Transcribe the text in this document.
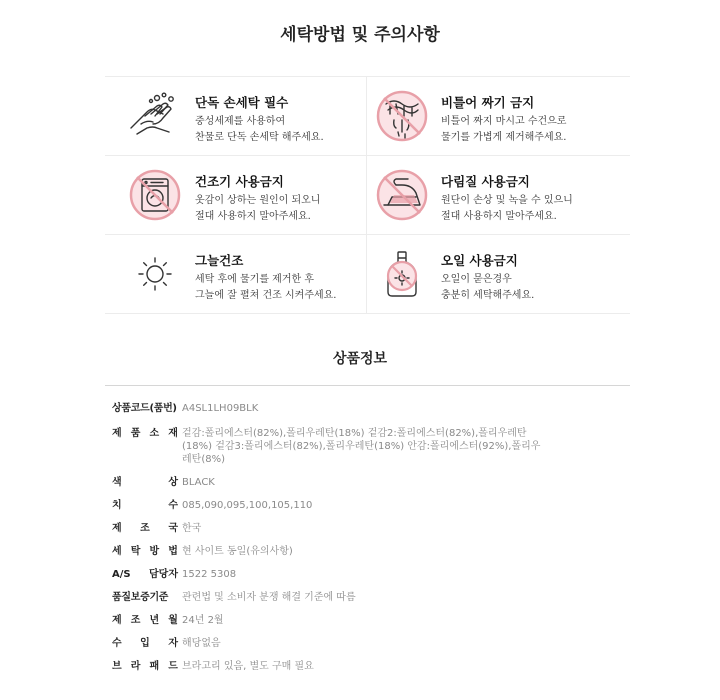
세탁방법 및 주의사항
단독 손세탁 필수
중성세제를 사용하여
찬물로 단독 손세탁 해주세요.
비틀어 짜기 금지
비틀어 짜지 마시고 수건으로
물기를 가볍게 제거해주세요.
건조기 사용금지
옷감이 상하는 원인이 되오니
절대 사용하지 말아주세요.
다림질 사용금지
원단이 손상 및 녹을 수 있으니
절대 사용하지 말아주세요.
그늘건조
세탁 후에 물기를 제거한 후
그늘에 잘 펼쳐 건조 시켜주세요.
오일 사용금지
오일이 묻은경우
충분히 세탁해주세요.
상품정보
상품코드(품번) A4SL1LH09BLK
제 품 소 재 겉감:폴리에스터(82%),폴리우레탄(18%) 겉감2:폴리에스터(82%),폴리우레탄(18%) 겉감3:폴리에스터(82%),폴리우레탄(18%) 안감:폴리에스터(92%),폴리우레탄(8%)
색	상 BLACK
치	수 085,090,095,100,105,110
제 조 국 한국
세 탁 방 법 현 사이트 동일(유의사항)
A/S 담당자 1522 5308
품질보증기준 관련법 및 소비자 분쟁 해결 기준에 따름
제 조 년 월 24년 2월
수 입 자 해당없음
브 라 패 드 브라고리 있음, 별도 구매 필요
